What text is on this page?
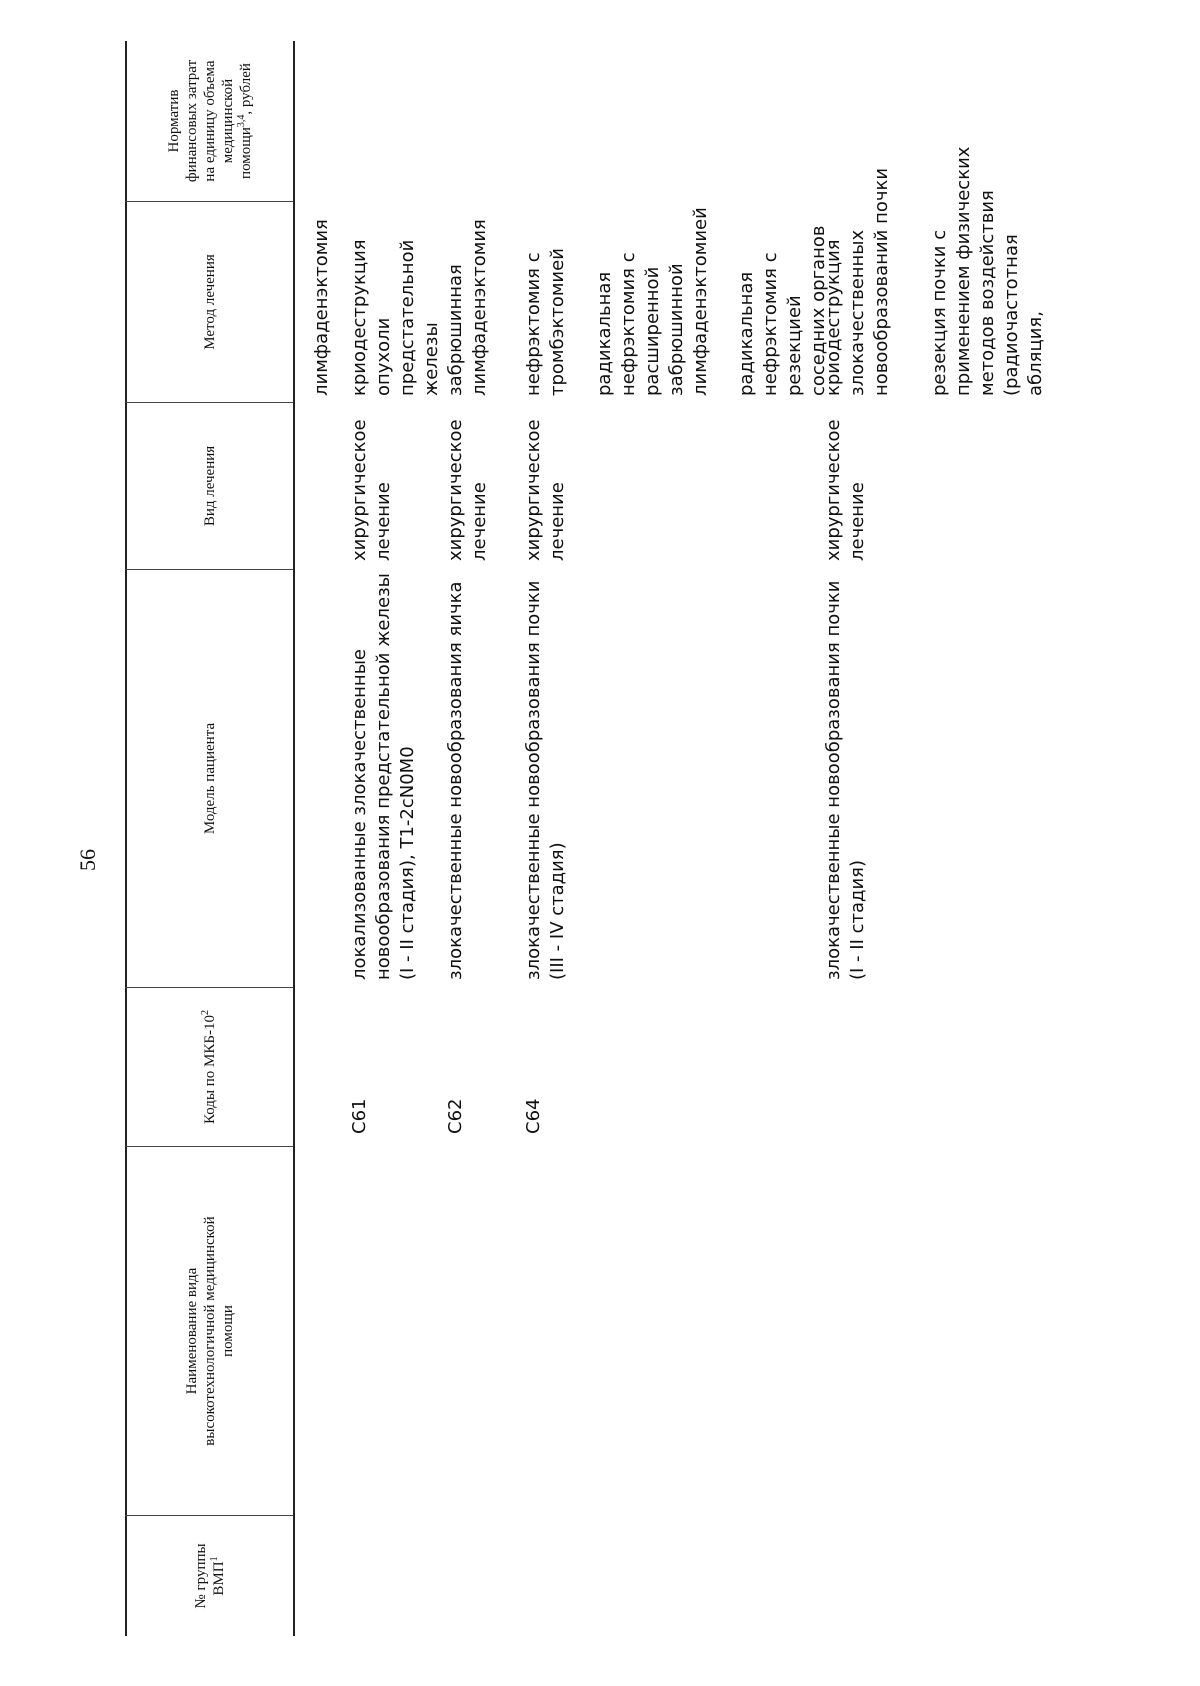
56
№ группы ВМП$^1$
Наименование вида высокотехнологичной медицинской помощи
Коды по МКБ-$10^2$
Модель пациента
Вид лечения
Метод лечения
Норматив финансовых затрат на единицу объема медицинской помощи$^{3,4}$, рублей
лимфаденэктомия
C61
локализованные злокачественные
новообразования предстательной железы
(I - II стадия), T1-2cN0M0
хирургическое
лечение
криодеструкция опухоли
предстательной железы
C62
злокачественные новообразования яичка
хирургическое
лечение
забрюшинная
лимфаденэктомия
C64
злокачественные новообразования почки
(III - IV стадия)
хирургическое
лечение
нефрэктомия с
тромбэктомией радикальная
нефрэктомия с
расширенной
забрюшинной
лимфаденэктомией радикальная
нефрэктомия с резекцией
соседних органов
злокачественные новообразования почки
(I - II стадия)
хирургическое
лечение
криодеструкция
злокачественных
новообразований почки
резекция почки с
применением физических
методов воздействия
(радиочастотная абляция,
